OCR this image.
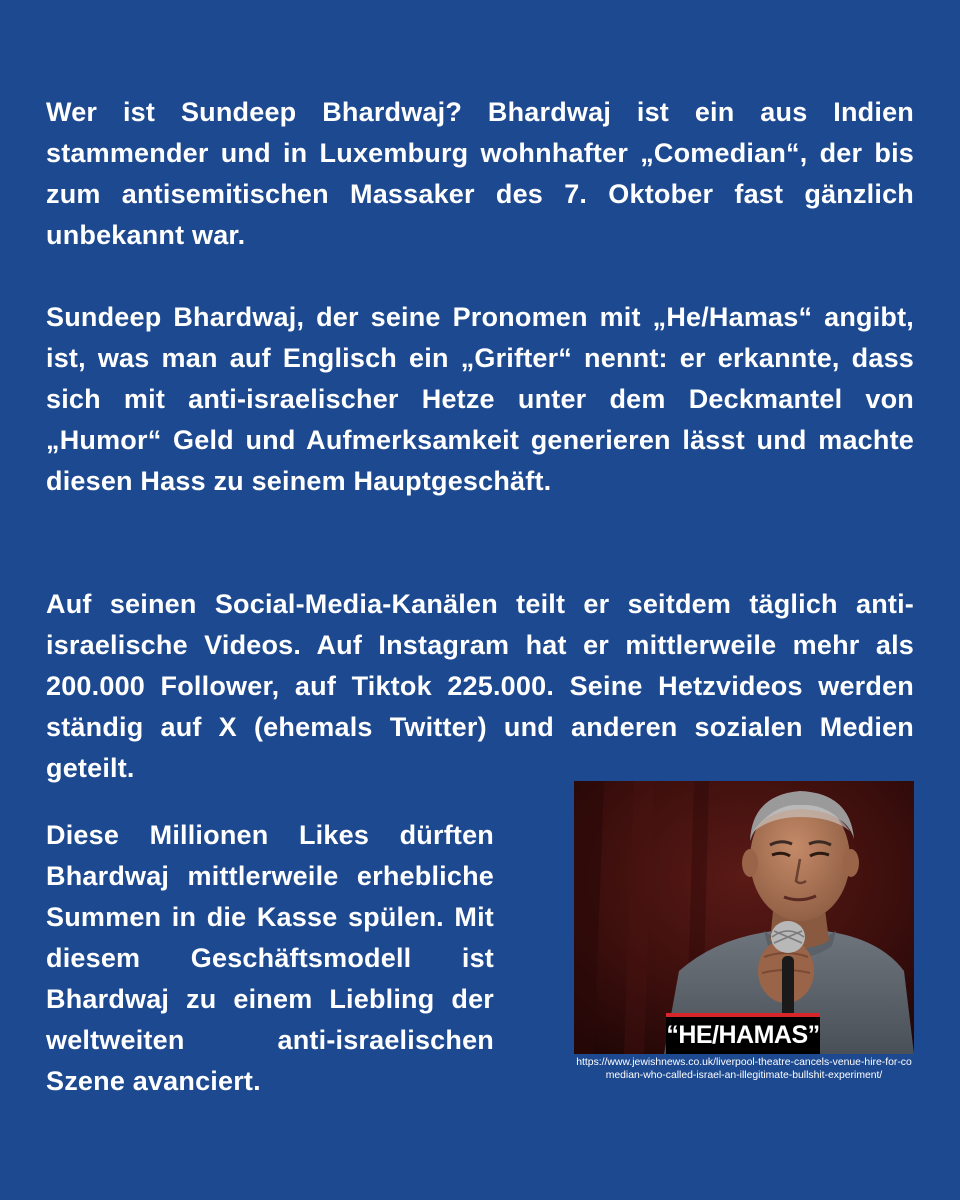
Wer ist Sundeep Bhardwaj? Bhardwaj ist ein aus Indien stammender und in Luxemburg wohnhafter „Comedian“, der bis zum antisemitischen Massaker des 7. Oktober fast gänzlich unbekannt war.

Sundeep Bhardwaj, der seine Pronomen mit „He/Hamas“ angibt, ist, was man auf Englisch ein „Grifter“ nennt: er erkannte, dass sich mit anti-israelischer Hetze unter dem Deckmantel von „Humor“ Geld und Aufmerksamkeit generieren lässt und machte diesen Hass zu seinem Hauptgeschäft.

Auf seinen Social-Media-Kanälen teilt er seitdem täglich anti-israelische Videos. Auf Instagram hat er mittlerweile mehr als 200.000 Follower, auf Tiktok 225.000. Seine Hetzvideos werden ständig auf X (ehemals Twitter) und anderen sozialen Medien geteilt.

Diese Millionen Likes dürften Bhardwaj mittlerweile erhebliche Summen in die Kasse spülen. Mit diesem Geschäftsmodell ist Bhardwaj zu einem Liebling der weltweiten anti-israelischen Szene avanciert.

“HE/HAMAS”

https://www.jewishnews.co.uk/liverpool-theatre-cancels-venue-hire-for-comedian-who-called-israel-an-illegitimate-bullshit-experiment/
